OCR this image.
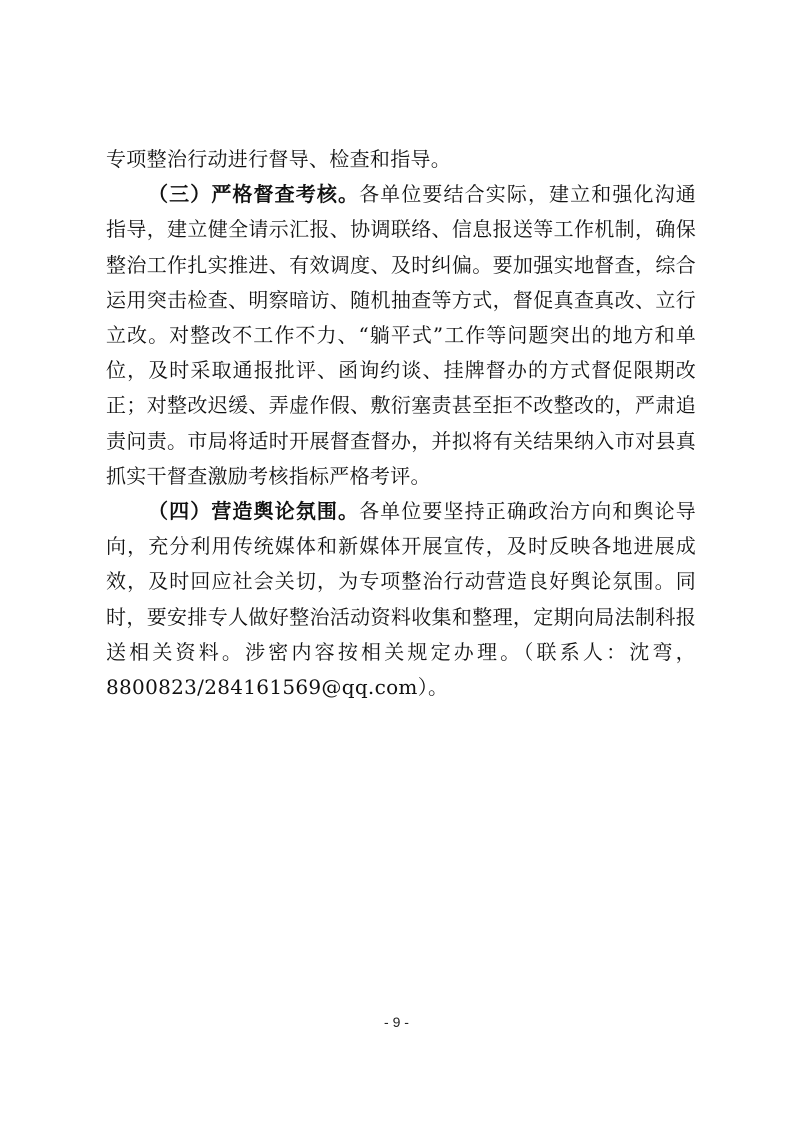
专项整治行动进行督导、检查和指导。

（三）严格督查考核。各单位要结合实际，建立和强化沟通指导，建立健全请示汇报、协调联络、信息报送等工作机制，确保整治工作扎实推进、有效调度、及时纠偏。要加强实地督查，综合运用突击检查、明察暗访、随机抽查等方式，督促真查真改、立行立改。对整改不工作不力、“躺平式”工作等问题突出的地方和单位，及时采取通报批评、函询约谈、挂牌督办的方式督促限期改正；对整改迟缓、弄虚作假、敷衍塞责甚至拒不改整改的，严肃追责问责。市局将适时开展督查督办，并拟将有关结果纳入市对县真抓实干督查激励考核指标严格考评。

（四）营造舆论氛围。各单位要坚持正确政治方向和舆论导向，充分利用传统媒体和新媒体开展宣传，及时反映各地进展成效，及时回应社会关切，为专项整治行动营造良好舆论氛围。同时，要安排专人做好整治活动资料收集和整理，定期向局法制科报送相关资料。涉密内容按相关规定办理。（联系人：沈弯，8800823/284161569@qq.com）。

- 9 -
